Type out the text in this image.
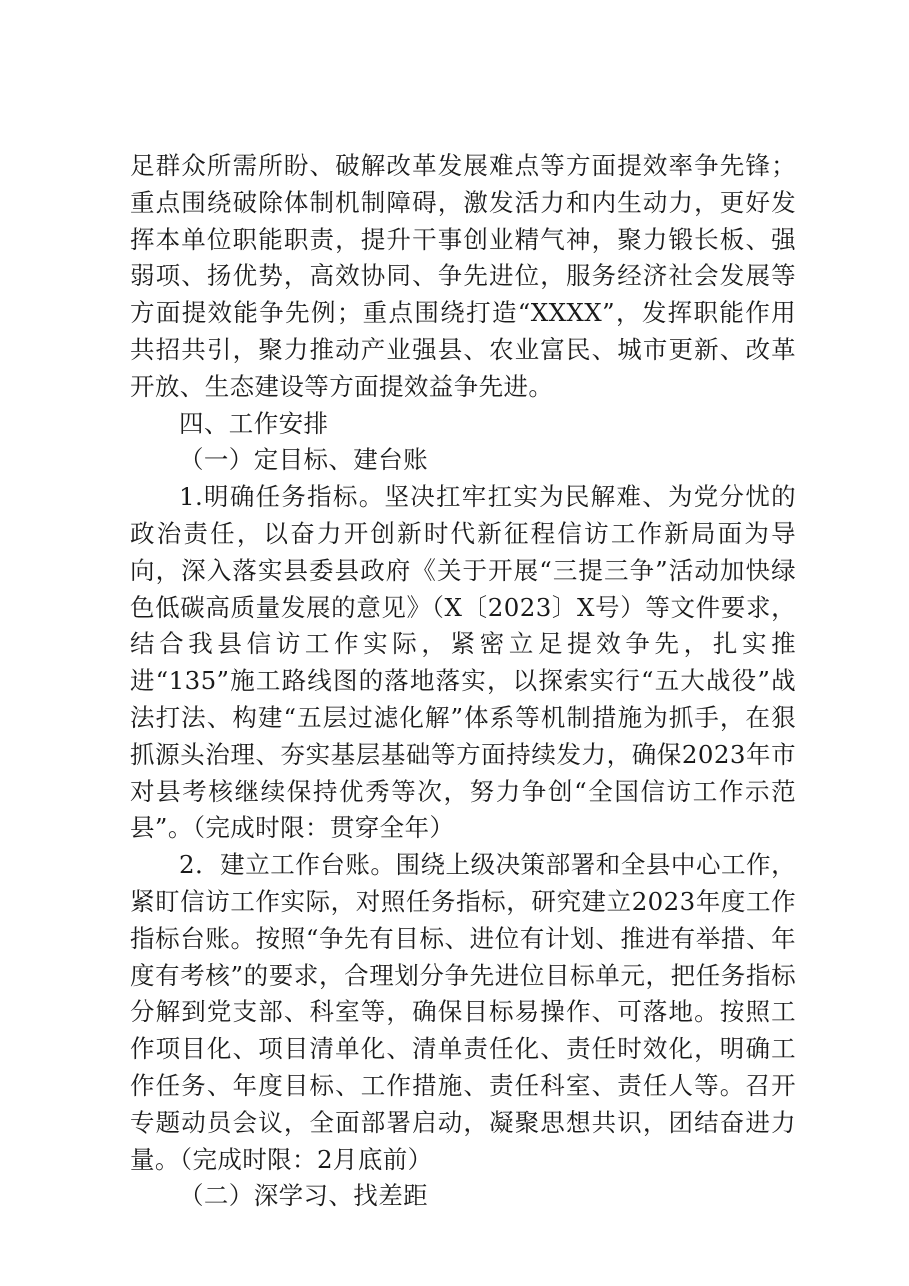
足群众所需所盼、破解改革发展难点等方面提效率争先锋；重点围绕破除体制机制障碍，激发活力和内生动力，更好发挥本单位职能职责，提升干事创业精气神，聚力锻长板、强弱项、扬优势，高效协同、争先进位，服务经济社会发展等方面提效能争先例；重点围绕打造“XXXX”，发挥职能作用共招共引，聚力推动产业强县、农业富民、城市更新、改革开放、生态建设等方面提效益争先进。

四、工作安排

（一）定目标、建台账

1.明确任务指标。坚决扛牢扛实为民解难、为党分忧的政治责任，以奋力开创新时代新征程信访工作新局面为导向，深入落实县委县政府《关于开展“三提三争”活动加快绿色低碳高质量发展的意见》（X〔2023〕X号）等文件要求，结合我县信访工作实际，紧密立足提效争先，扎实推进“135”施工路线图的落地落实，以探索实行“五大战役”战法打法、构建“五层过滤化解”体系等机制措施为抓手，在狠抓源头治理、夯实基层基础等方面持续发力，确保2023年市对县考核继续保持优秀等次，努力争创“全国信访工作示范县”。（完成时限：贯穿全年）

2．建立工作台账。围绕上级决策部署和全县中心工作，紧盯信访工作实际，对照任务指标，研究建立2023年度工作指标台账。按照“争先有目标、进位有计划、推进有举措、年度有考核”的要求，合理划分争先进位目标单元，把任务指标分解到党支部、科室等，确保目标易操作、可落地。按照工作项目化、项目清单化、清单责任化、责任时效化，明确工作任务、年度目标、工作措施、责任科室、责任人等。召开专题动员会议，全面部署启动，凝聚思想共识，团结奋进力量。（完成时限：2月底前）

（二）深学习、找差距
